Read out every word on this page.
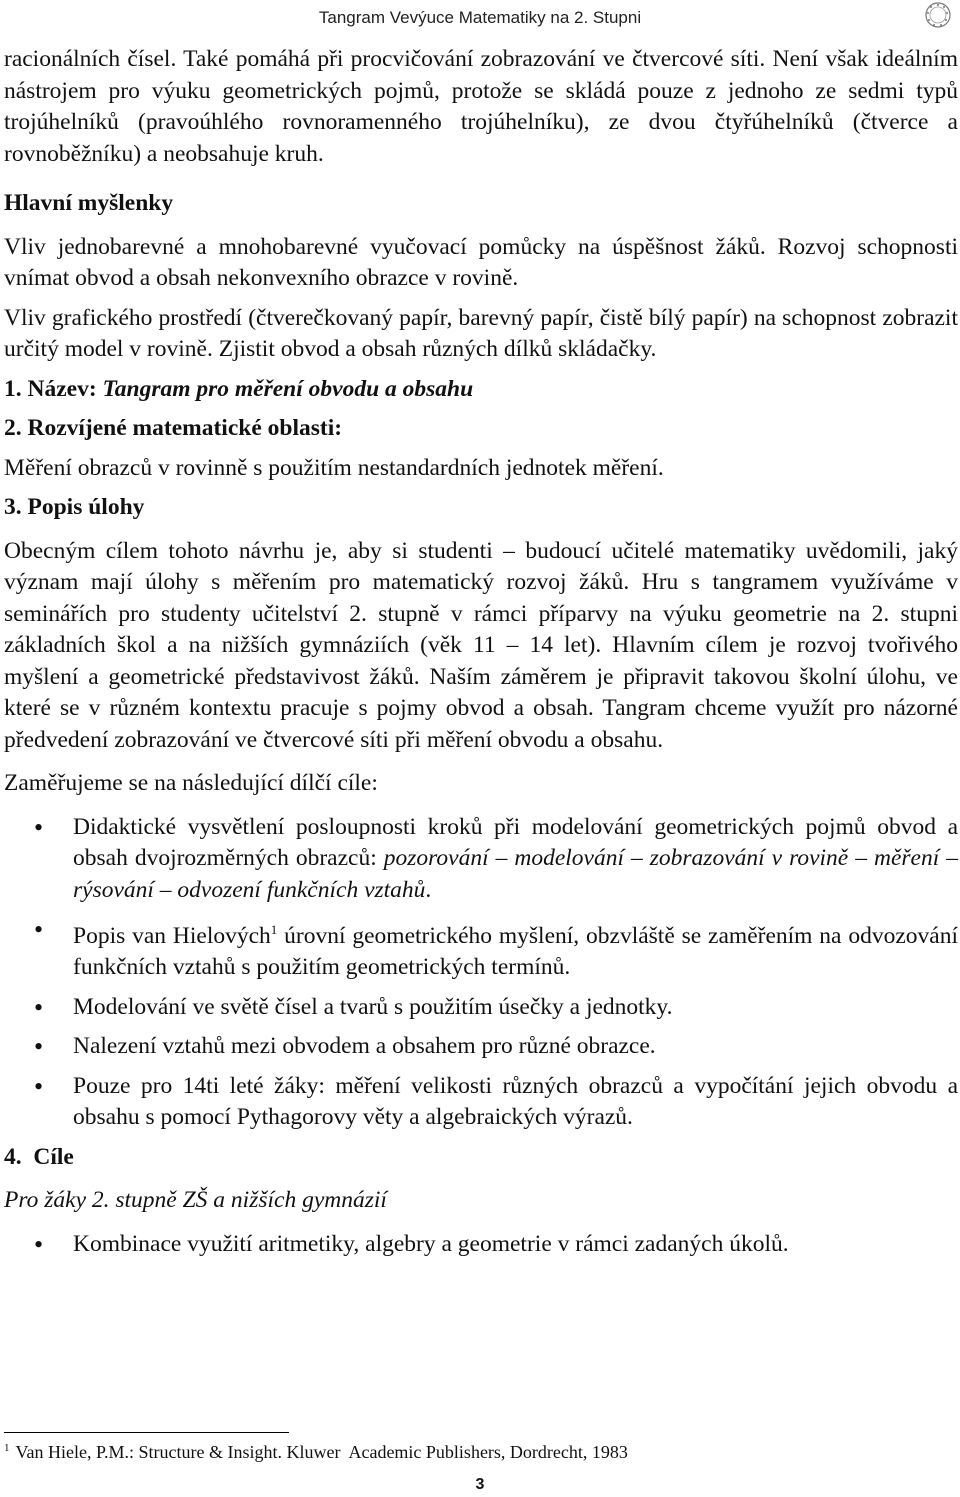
Tangram Vevýuce Matematiky na 2. Stupni

racionálních čísel. Také pomáhá při procvičování zobrazování ve čtvercové síti. Není však ideálním nástrojem pro výuku geometrických pojmů, protože se skládá pouze z jednoho ze sedmi typů trojúhelníků (pravoúhlého rovnoramenného trojúhelníku), ze dvou čtyřúhelníků (čtverce a rovnoběžníku) a neobsahuje kruh.

Hlavní myšlenky

Vliv jednobarevné a mnohobarevné vyučovací pomůcky na úspěšnost žáků. Rozvoj schopnosti vnímat obvod a obsah nekonvexního obrazce v rovině.

Vliv grafického prostředí (čtverečkovaný papír, barevný papír, čistě bílý papír) na schopnost zobrazit určitý model v rovině. Zjistit obvod a obsah různých dílků skládačky.

1. Název: Tangram pro měření obvodu a obsahu
2. Rozvíjené matematické oblasti:

Měření obrazců v rovinně s použitím nestandardních jednotek měření.

3. Popis úlohy

Obecným cílem tohoto návrhu je, aby si studenti – budoucí učitelé matematiky uvědomili, jaký význam mají úlohy s měřením pro matematický rozvoj žáků. Hru s tangramem využíváme v seminářích pro studenty učitelství 2. stupně v rámci příparvy na výuku geometrie na 2. stupni základních škol a na nižších gymnáziích (věk 11 – 14 let). Hlavním cílem je rozvoj tvořivého myšlení a geometrické představivost žáků. Naším záměrem je připravit takovou školní úlohu, ve které se v různém kontextu pracuje s pojmy obvod a obsah. Tangram chceme využít pro názorné předvedení zobrazování ve čtvercové síti při měření obvodu a obsahu.

Zaměřujeme se na následující dílčí cíle:

• Didaktické vysvětlení posloupnosti kroků při modelování geometrických pojmů obvod a obsah dvojrozměrných obrazců: pozorování – modelování – zobrazování v rovině – měření – rýsování – odvození funkčních vztahů.
• Popis van Hielových$^1$ úrovní geometrického myšlení, obzvláště se zaměřením na odvozování funkčních vztahů s použitím geometrických termínů.
• Modelování ve světě čísel a tvarů s použitím úsečky a jednotky.
• Nalezení vztahů mezi obvodem a obsahem pro různé obrazce.
• Pouze pro 14ti leté žáky: měření velikosti různých obrazců a vypočítání jejich obvodu a obsahu s pomocí Pythagorovy věty a algebraických výrazů.
4.  Cíle

Pro žáky 2. stupně ZŠ a nižších gymnázií

• Kombinace využití aritmetiky, algebry a geometrie v rámci zadaných úkolů.
$^1$ Van Hiele, P.M.: Structure & Insight. Kluwer  Academic Publishers, Dordrecht, 1983
3
